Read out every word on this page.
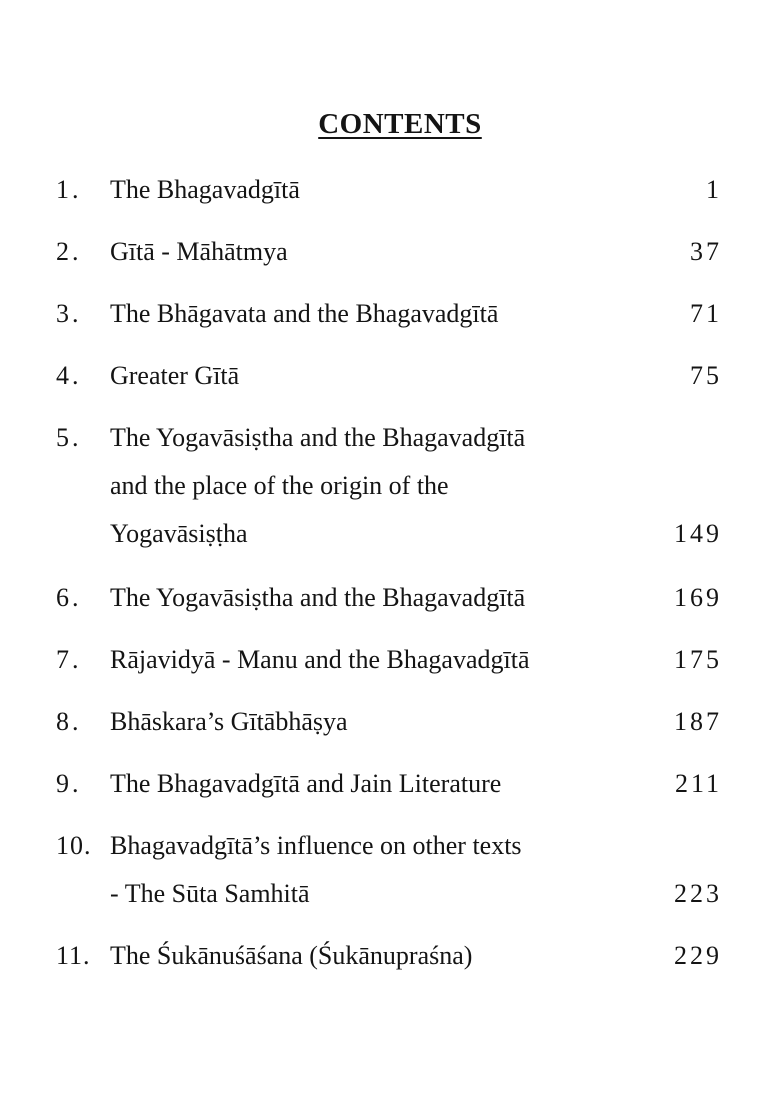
CONTENTS
1. The Bhagavadgītā	1
2. Gītā - Māhātmya	37
3. The Bhāgavata and the Bhagavadgītā	71
4. Greater Gītā	75
5. The Yogavāsiṣtha and the Bhagavadgītā
and the place of the origin of the
Yogavāsiṣṭha	149
6. The Yogavāsiṣtha and the Bhagavadgītā	169
7. Rājavidyā - Manu and the Bhagavadgītā	175
8. Bhāskara’s Gītābhāṣya	187
9. The Bhagavadgītā and Jain Literature	211
10. Bhagavadgītā’s influence on other texts
- The Sūta Samhitā	223
11. The Śukānuśāśana (Śukānupraśna)	229
